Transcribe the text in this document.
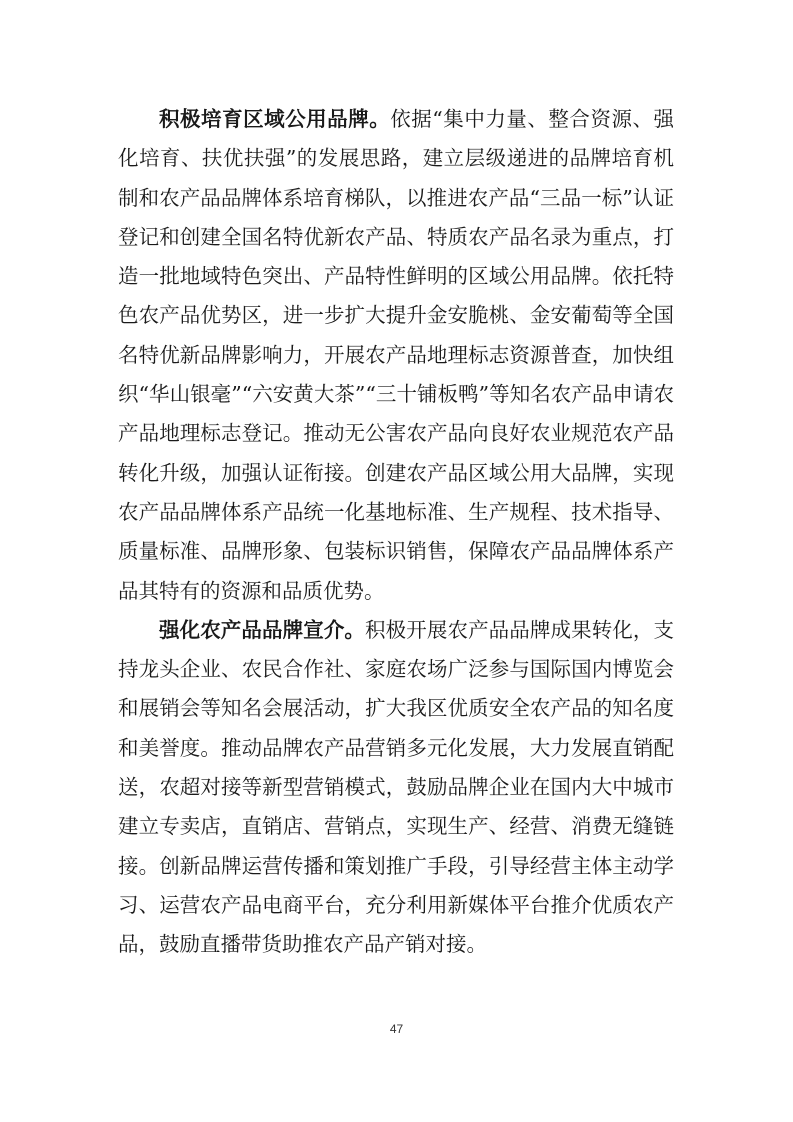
积极培育区域公用品牌。依据“集中力量、整合资源、强化培育、扶优扶强”的发展思路，建立层级递进的品牌培育机制和农产品品牌体系培育梯队，以推进农产品“三品一标”认证登记和创建全国名特优新农产品、特质农产品名录为重点，打造一批地域特色突出、产品特性鲜明的区域公用品牌。依托特色农产品优势区，进一步扩大提升金安脆桃、金安葡萄等全国名特优新品牌影响力，开展农产品地理标志资源普查，加快组织“华山银毫”“六安黄大茶”“三十铺板鸭”等知名农产品申请农产品地理标志登记。推动无公害农产品向良好农业规范农产品转化升级，加强认证衔接。创建农产品区域公用大品牌，实现农产品品牌体系产品统一化基地标准、生产规程、技术指导、质量标准、品牌形象、包装标识销售，保障农产品品牌体系产品其特有的资源和品质优势。

强化农产品品牌宣介。积极开展农产品品牌成果转化，支持龙头企业、农民合作社、家庭农场广泛参与国际国内博览会和展销会等知名会展活动，扩大我区优质安全农产品的知名度和美誉度。推动品牌农产品营销多元化发展，大力发展直销配送，农超对接等新型营销模式，鼓励品牌企业在国内大中城市建立专卖店，直销店、营销点，实现生产、经营、消费无缝链接。创新品牌运营传播和策划推广手段，引导经营主体主动学习、运营农产品电商平台，充分利用新媒体平台推介优质农产品，鼓励直播带货助推农产品产销对接。

47
